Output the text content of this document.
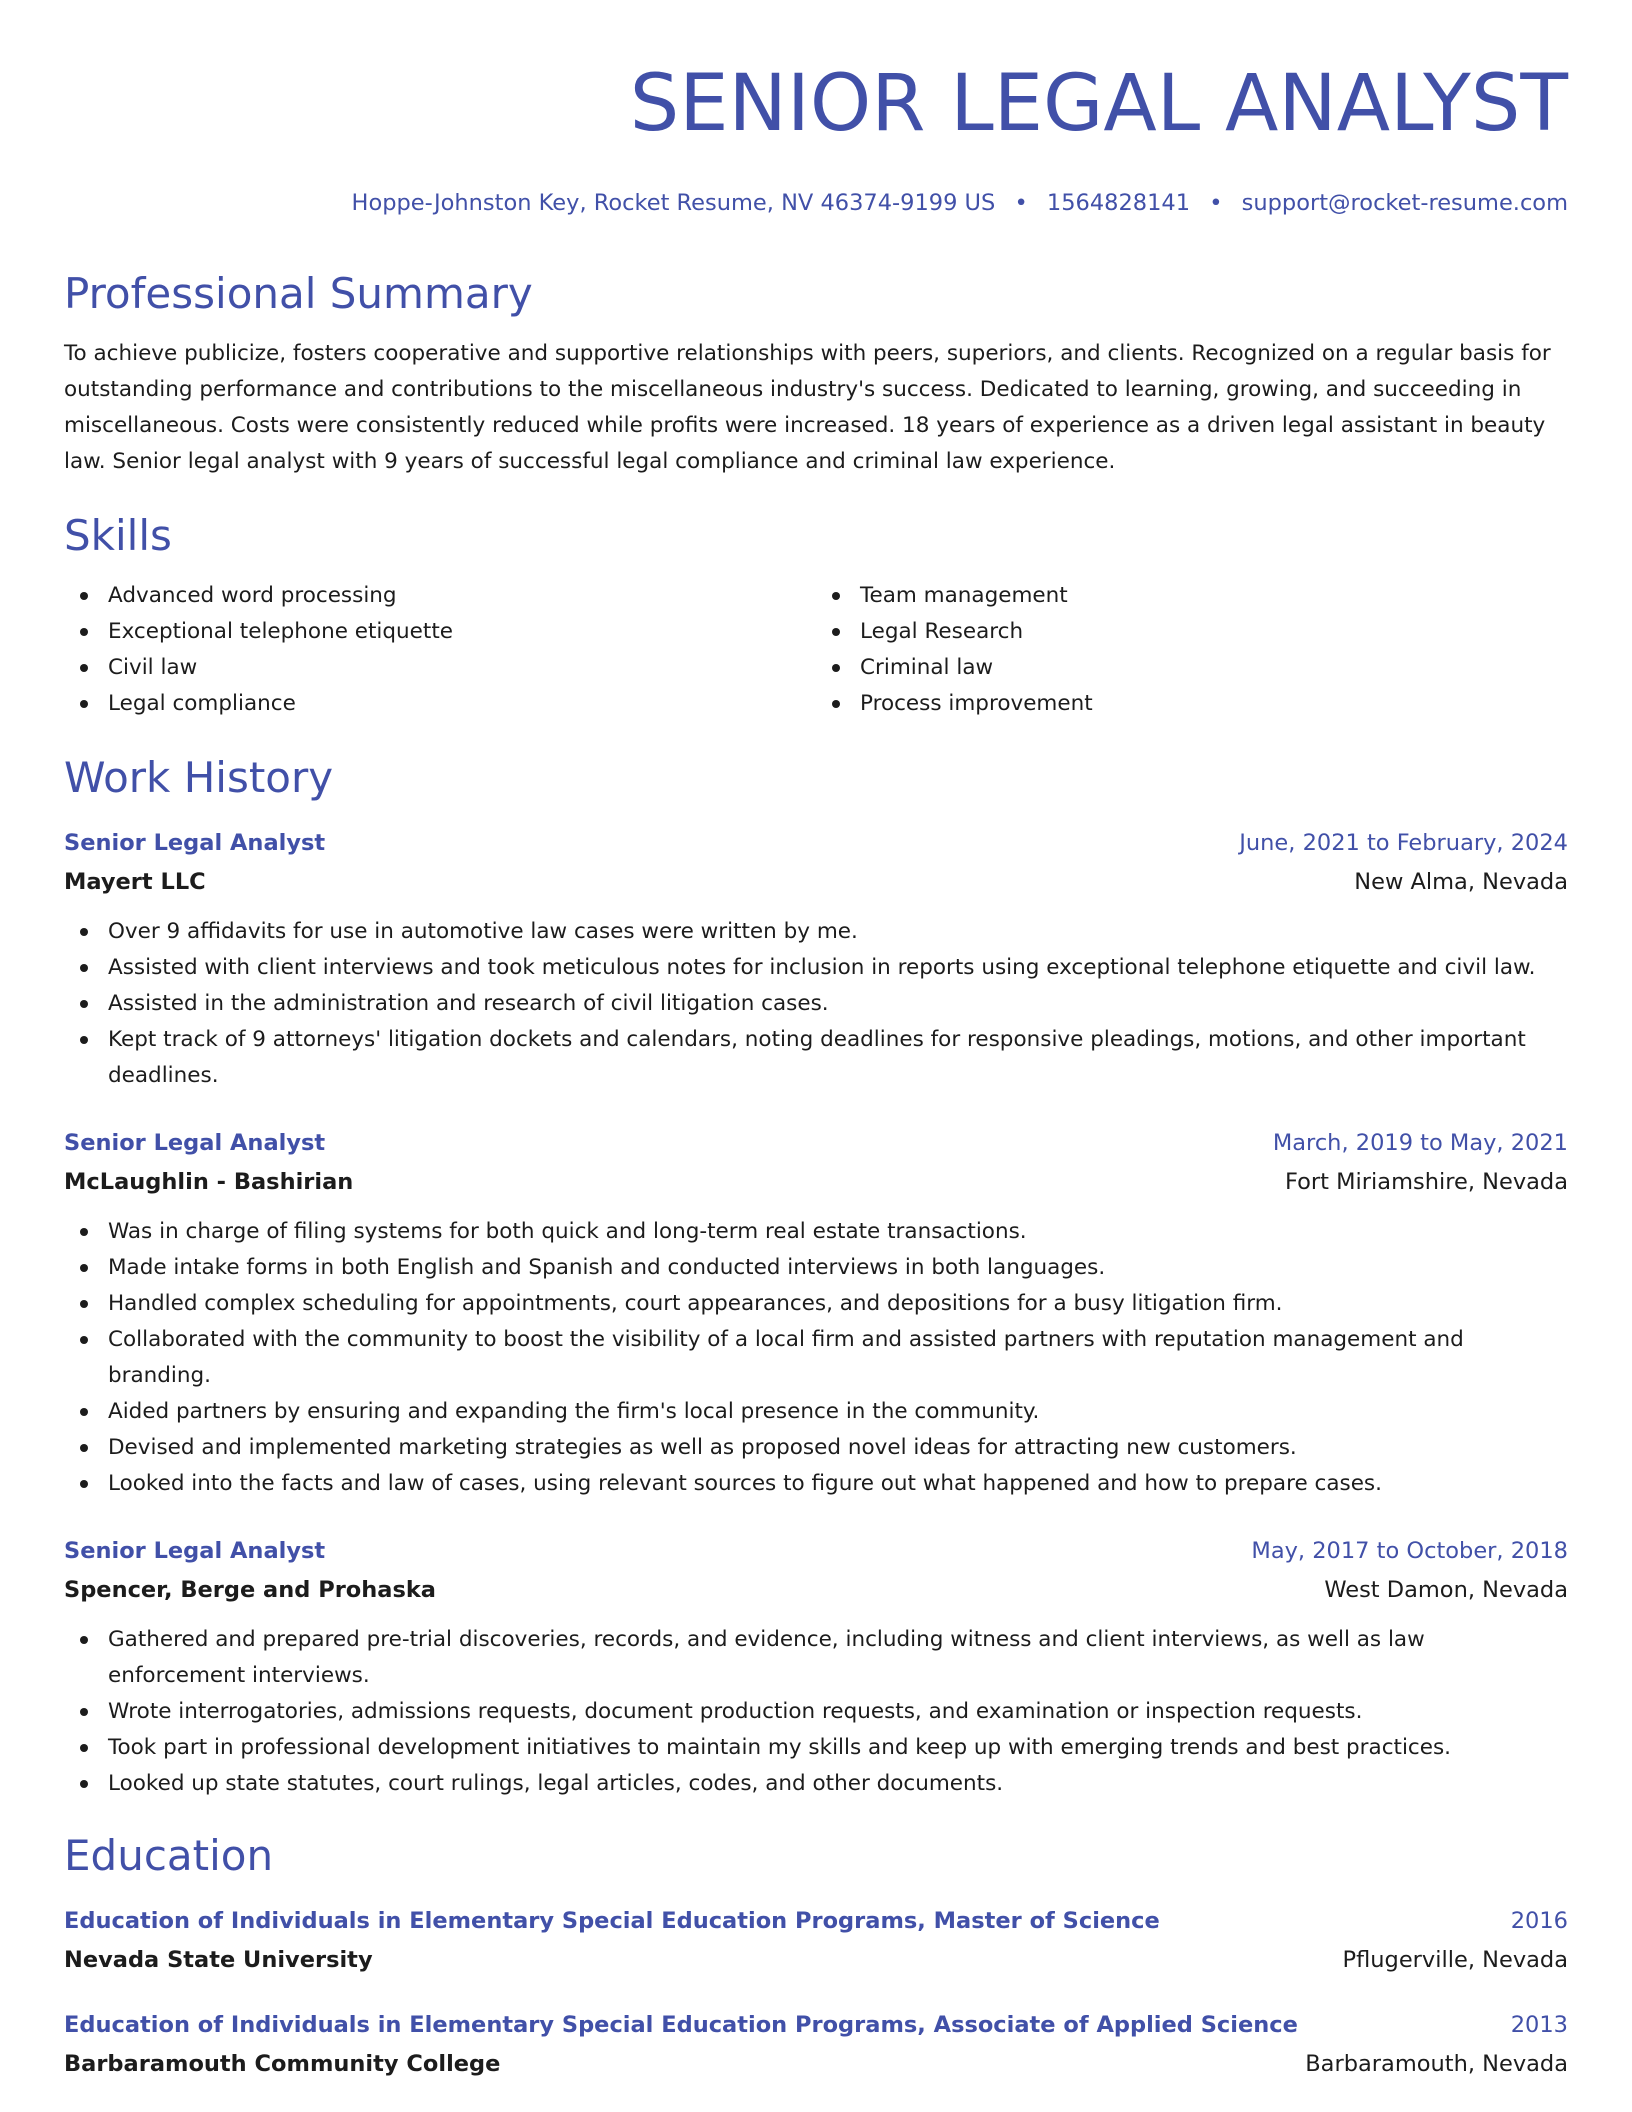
SENIOR LEGAL ANALYST
Hoppe-Johnston Key, Rocket Resume, NV 46374-9199 US • 1564828141 • support@rocket-resume.com
Professional Summary

To achieve publicize, fosters cooperative and supportive relationships with peers, superiors, and clients. Recognized on a regular basis for outstanding performance and contributions to the miscellaneous industry's success. Dedicated to learning, growing, and succeeding in miscellaneous. Costs were consistently reduced while profits were increased. 18 years of experience as a driven legal assistant in beauty law. Senior legal analyst with 9 years of successful legal compliance and criminal law experience.

Skills
Advanced word processing
Exceptional telephone etiquette
Civil law
Legal compliance
Team management
Legal Research
Criminal law
Process improvement
Work History
Senior Legal Analyst	June, 2021 to February, 2024
Mayert LLC	New Alma, Nevada
Over 9 affidavits for use in automotive law cases were written by me.
Assisted with client interviews and took meticulous notes for inclusion in reports using exceptional telephone etiquette and civil law.
Assisted in the administration and research of civil litigation cases.
Kept track of 9 attorneys' litigation dockets and calendars, noting deadlines for responsive pleadings, motions, and other important deadlines.
Senior Legal Analyst	March, 2019 to May, 2021
McLaughlin - Bashirian	Fort Miriamshire, Nevada
Was in charge of filing systems for both quick and long-term real estate transactions.
Made intake forms in both English and Spanish and conducted interviews in both languages.
Handled complex scheduling for appointments, court appearances, and depositions for a busy litigation firm.
Collaborated with the community to boost the visibility of a local firm and assisted partners with reputation management and branding.
Aided partners by ensuring and expanding the firm's local presence in the community.
Devised and implemented marketing strategies as well as proposed novel ideas for attracting new customers.
Looked into the facts and law of cases, using relevant sources to figure out what happened and how to prepare cases.
Senior Legal Analyst	May, 2017 to October, 2018
Spencer, Berge and Prohaska	West Damon, Nevada
Gathered and prepared pre-trial discoveries, records, and evidence, including witness and client interviews, as well as law enforcement interviews.
Wrote interrogatories, admissions requests, document production requests, and examination or inspection requests.
Took part in professional development initiatives to maintain my skills and keep up with emerging trends and best practices.
Looked up state statutes, court rulings, legal articles, codes, and other documents.
Education
Education of Individuals in Elementary Special Education Programs, Master of Science	2016
Nevada State University	Pflugerville, Nevada
Education of Individuals in Elementary Special Education Programs, Associate of Applied Science	2013
Barbaramouth Community College	Barbaramouth, Nevada
